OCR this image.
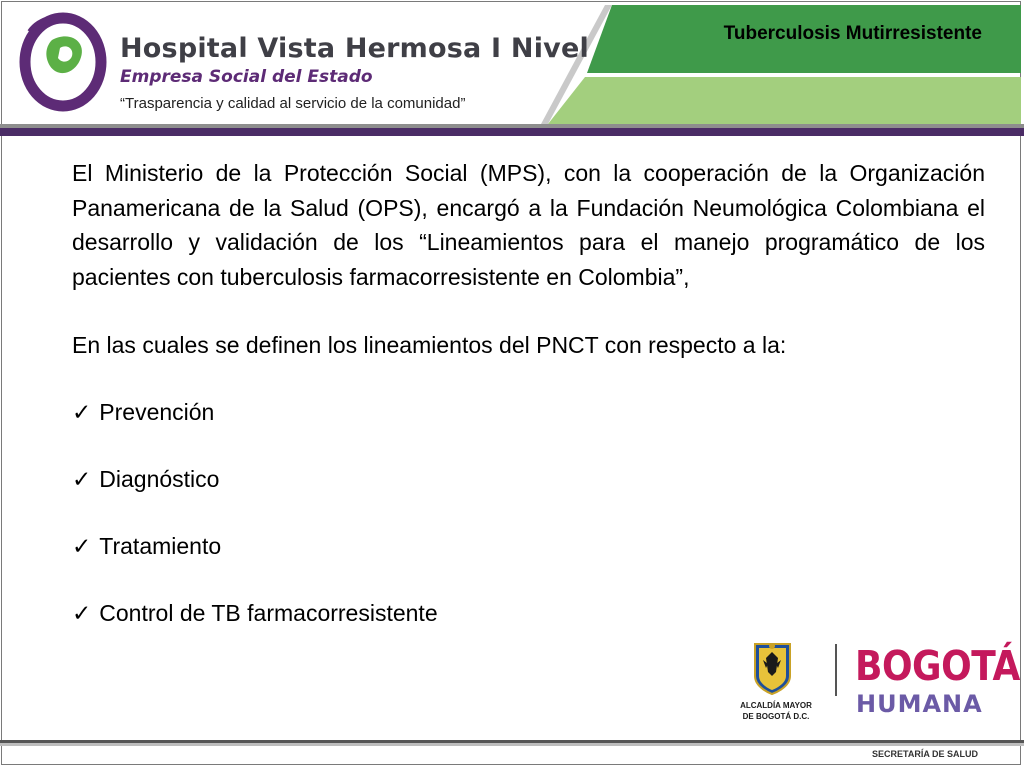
Hospital Vista Hermosa I Nivel
Empresa Social del Estado
“Trasparencia y calidad al servicio de la comunidad”
Tuberculosis Mutirresistente

El Ministerio de la Protección Social (MPS), con la cooperación de la Organización Panamericana de la Salud (OPS), encargó a la Fundación Neumológica Colombiana el desarrollo y validación de los “Lineamientos para el manejo programático de los pacientes con tuberculosis farmacorresistente en Colombia”,

En las cuales se definen los lineamientos del PNCT con respecto a la:

✓ Prevención
✓ Diagnóstico
✓ Tratamiento
✓ Control de TB farmacorresistente
ALCALDÍA MAYOR DE BOGOTÁ D.C.
BOGOTÁ
HUMANA
SECRETARÍA DE SALUD
